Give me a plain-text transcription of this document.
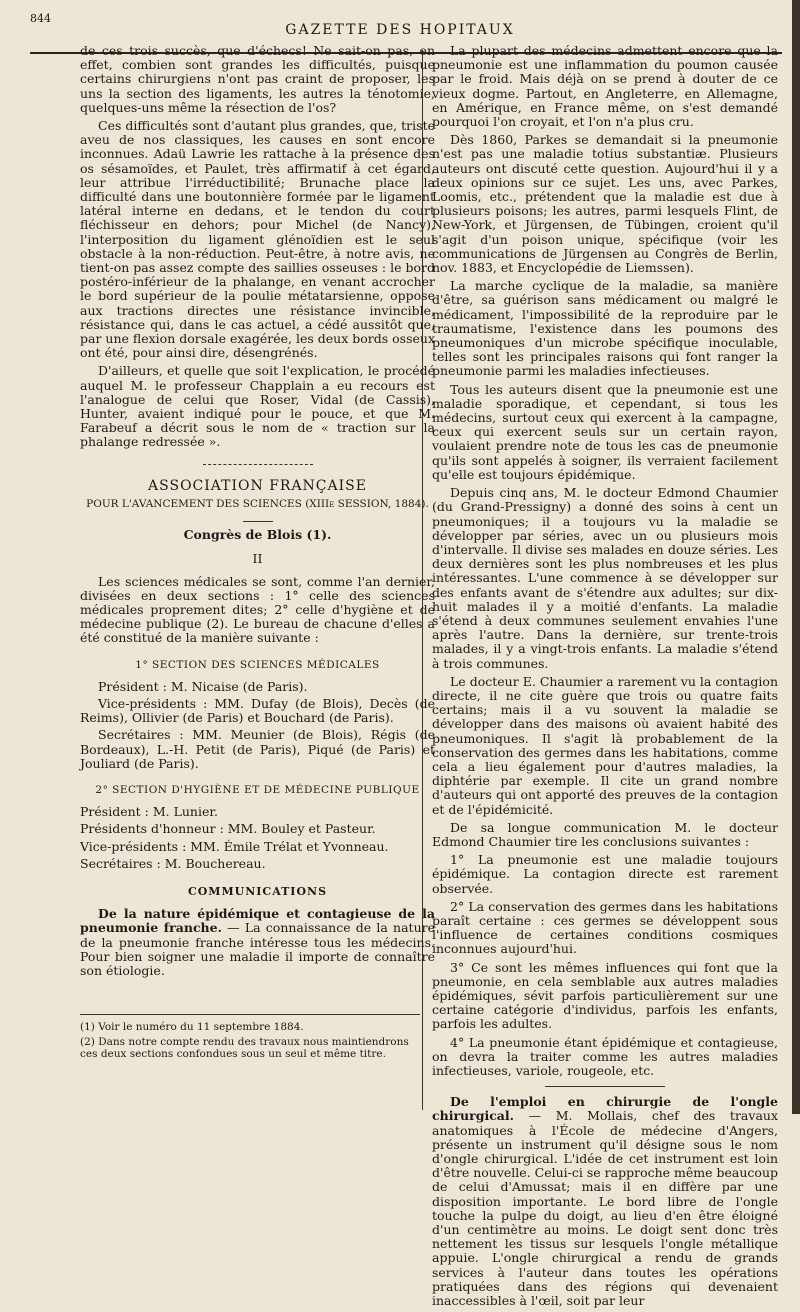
844
GAZETTE DES HOPITAUX

de ces trois succès, que d'échecs! Ne sait-on pas, en effet, combien sont grandes les difficultés, puisque certains chirurgiens n'ont pas craint de proposer, les uns la section des ligaments, les autres la ténotomie, quelques-uns même la résection de l'os?

Ces difficultés sont d'autant plus grandes, que, triste aveu de nos classiques, les causes en sont encore inconnues. Adaü Lawrie les rattache à la présence des os sésamoïdes, et Paulet, très affirmatif à cet égard, leur attribue l'irréductibilité; Brunache place la difficulté dans une boutonnière formée par le ligament latéral interne en dedans, et le tendon du court fléchisseur en dehors; pour Michel (de Nancy), l'interposition du ligament glénoïdien est le seul obstacle à la non-réduction. Peut-être, à notre avis, ne tient-on pas assez compte des saillies osseuses : le bord postéro-inférieur de la phalange, en venant accrocher le bord supérieur de la poulie métatarsienne, oppose aux tractions directes une résistance invincible, résistance qui, dans le cas actuel, a cédé aussitôt que, par une flexion dorsale exagérée, les deux bords osseux ont été, pour ainsi dire, désengrénés.

D'ailleurs, et quelle que soit l'explication, le procédé auquel M. le professeur Chapplain a eu recours est l'analogue de celui que Roser, Vidal (de Cassis), Hunter, avaient indiqué pour le pouce, et que M. Farabeuf a décrit sous le nom de « traction sur la phalange redressée ».

ASSOCIATION FRANÇAISE
POUR L'AVANCEMENT DES SCIENCES (XIIIe SESSION, 1884).
Congrès de Blois (1).
II

Les sciences médicales se sont, comme l'an dernier, divisées en deux sections : 1° celle des sciences médicales proprement dites; 2° celle d'hygiène et de médecine publique (2). Le bureau de chacune d'elles a été constitué de la manière suivante :

1° SECTION DES SCIENCES MÉDICALES

Président : M. Nicaise (de Paris).

Vice-présidents : MM. Dufay (de Blois), Decès (de Reims), Ollivier (de Paris) et Bouchard (de Paris).

Secrétaires : MM. Meunier (de Blois), Régis (de Bordeaux), L.-H. Petit (de Paris), Piqué (de Paris) et Jouliard (de Paris).

2° SECTION D'HYGIÈNE ET DE MÉDECINE PUBLIQUE

Président : M. Lunier.

Présidents d'honneur : MM. Bouley et Pasteur.

Vice-présidents : MM. Émile Trélat et Yvonneau.

Secrétaires : M. Bouchereau.

COMMUNICATIONS

De la nature épidémique et contagieuse de la pneumonie franche. — La connaissance de la nature de la pneumonie franche intéresse tous les médecins. Pour bien soigner une maladie il importe de connaître son étiologie.

(1) Voir le numéro du 11 septembre 1884.

(2) Dans notre compte rendu des travaux nous maintiendrons ces deux sections confondues sous un seul et même titre.

La plupart des médecins admettent encore que la pneumonie est une inflammation du poumon causée par le froid. Mais déjà on se prend à douter de ce vieux dogme. Partout, en Angleterre, en Allemagne, en Amérique, en France même, on s'est demandé pourquoi l'on croyait, et l'on n'a plus cru.

Dès 1860, Parkes se demandait si la pneumonie n'est pas une maladie totius substantiæ. Plusieurs auteurs ont discuté cette question. Aujourd'hui il y a deux opinions sur ce sujet. Les uns, avec Parkes, Loomis, etc., prétendent que la maladie est due à plusieurs poisons; les autres, parmi lesquels Flint, de New-York, et Jürgensen, de Tübingen, croient qu'il s'agit d'un poison unique, spécifique (voir les communications de Jürgensen au Congrès de Berlin, nov. 1883, et Encyclopédie de Liemssen).

La marche cyclique de la maladie, sa manière d'être, sa guérison sans médicament ou malgré le médicament, l'impossibilité de la reproduire par le traumatisme, l'existence dans les poumons des pneumoniques d'un microbe spécifique inoculable, telles sont les principales raisons qui font ranger la pneumonie parmi les maladies infectieuses.

Tous les auteurs disent que la pneumonie est une maladie sporadique, et cependant, si tous les médecins, surtout ceux qui exercent à la campagne, ceux qui exercent seuls sur un certain rayon, voulaient prendre note de tous les cas de pneumonie qu'ils sont appelés à soigner, ils verraient facilement qu'elle est toujours épidémique.

Depuis cinq ans, M. le docteur Edmond Chaumier (du Grand-Pressigny) a donné des soins à cent un pneumoniques; il a toujours vu la maladie se développer par séries, avec un ou plusieurs mois d'intervalle. Il divise ses malades en douze séries. Les deux dernières sont les plus nombreuses et les plus intéressantes. L'une commence à se développer sur des enfants avant de s'étendre aux adultes; sur dix-huit malades il y a moitié d'enfants. La maladie s'étend à deux communes seulement envahies l'une après l'autre. Dans la dernière, sur trente-trois malades, il y a vingt-trois enfants. La maladie s'étend à trois communes.

Le docteur E. Chaumier a rarement vu la contagion directe, il ne cite guère que trois ou quatre faits certains; mais il a vu souvent la maladie se développer dans des maisons où avaient habité des pneumoniques. Il s'agit là probablement de la conservation des germes dans les habitations, comme cela a lieu également pour d'autres maladies, la diphtérie par exemple. Il cite un grand nombre d'auteurs qui ont apporté des preuves de la contagion et de l'épidémicité.

De sa longue communication M. le docteur Edmond Chaumier tire les conclusions suivantes :

1° La pneumonie est une maladie toujours épidémique. La contagion directe est rarement observée.

2° La conservation des germes dans les habitations paraît certaine : ces germes se développent sous l'influence de certaines conditions cosmiques inconnues aujourd'hui.

3° Ce sont les mêmes influences qui font que la pneumonie, en cela semblable aux autres maladies épidémiques, sévit parfois particulièrement sur une certaine catégorie d'individus, parfois les enfants, parfois les adultes.

4° La pneumonie étant épidémique et contagieuse, on devra la traiter comme les autres maladies infectieuses, variole, rougeole, etc.

De l'emploi en chirurgie de l'ongle chirurgical. — M. Mollais, chef des travaux anatomiques à l'École de médecine d'Angers, présente un instrument qu'il désigne sous le nom d'ongle chirurgical. L'idée de cet instrument est loin d'être nouvelle. Celui-ci se rapproche même beaucoup de celui d'Amussat; mais il en diffère par une disposition importante. Le bord libre de l'ongle touche la pulpe du doigt, au lieu d'en être éloigné d'un centimètre au moins. Le doigt sent donc très nettement les tissus sur lesquels l'ongle métallique appuie. L'ongle chirurgical a rendu de grands services à l'auteur dans toutes les opérations pratiquées dans des régions qui devenaient inaccessibles à l'œil, soit par leur
